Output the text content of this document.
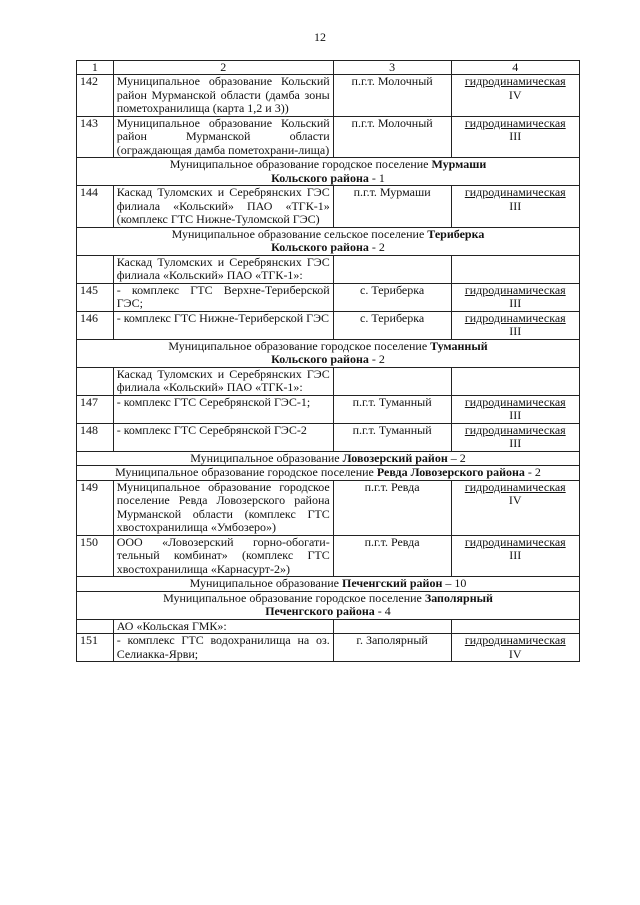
12
1	2	3	4
142	Муниципальное образование Кольский район Мурманской области (дамба зоны пометохранилища (карта 1,2 и 3))	п.г.т. Молочный	гидродинамическая
IV

143	Муниципальное образование Кольский район Мурманской области (ограждающая дамба пометохрани-лища)	п.г.т. Молочный	гидродинамическая
III

Муниципальное образование городское поселение Мурмаши
Кольского района - 1			
144	Каскад Туломских и Серебрянских ГЭС филиала «Кольский» ПАО «ТГК-1» (комплекс ГТС Нижне-Туломской ГЭС)	п.г.т. Мурмаши	гидродинамическая
III

Муниципальное образование сельское поселение Териберка
Кольского района - 2			
	Каскад Туломских и Серебрянских ГЭС филиала «Кольский» ПАО «ТГК-1»:		
145	- комплекс ГТС Верхне-Териберской ГЭС;	с. Териберка	гидродинамическая
III

146	- комплекс ГТС Нижне-Териберской ГЭС	с. Териберка	гидродинамическая
III

Муниципальное образование городское поселение Туманный
Кольского района - 2			
	Каскад Туломских и Серебрянских ГЭС филиала «Кольский» ПАО «ТГК-1»:		
147	- комплекс ГТС Серебрянской ГЭС-1;	п.г.т. Туманный	гидродинамическая
III

148	- комплекс ГТС Серебрянской ГЭС-2	п.г.т. Туманный	гидродинамическая
III

Муниципальное образование Ловозерский район – 2			
Муниципальное образование городское поселение Ревда Ловозерского района - 2			
149	Муниципальное образование городское поселение Ревда Ловозерского района Мурманской области (комплекс ГТС хвостохранилища «Умбозеро»)	п.г.т. Ревда	гидродинамическая
IV

150	ООО «Ловозерский горно-обогати-тельный комбинат» (комплекс ГТС хвостохранилища «Карнасурт-2»)	п.г.т. Ревда	гидродинамическая
III

Муниципальное образование Печенгский район – 10			
Муниципальное образование городское поселение Заполярный
Печенгского района - 4			
	АО «Кольская ГМК»:		
151	- комплекс ГТС водохранилища на оз. Селиакка-Ярви;	г. Заполярный	гидродинамическая
IV
